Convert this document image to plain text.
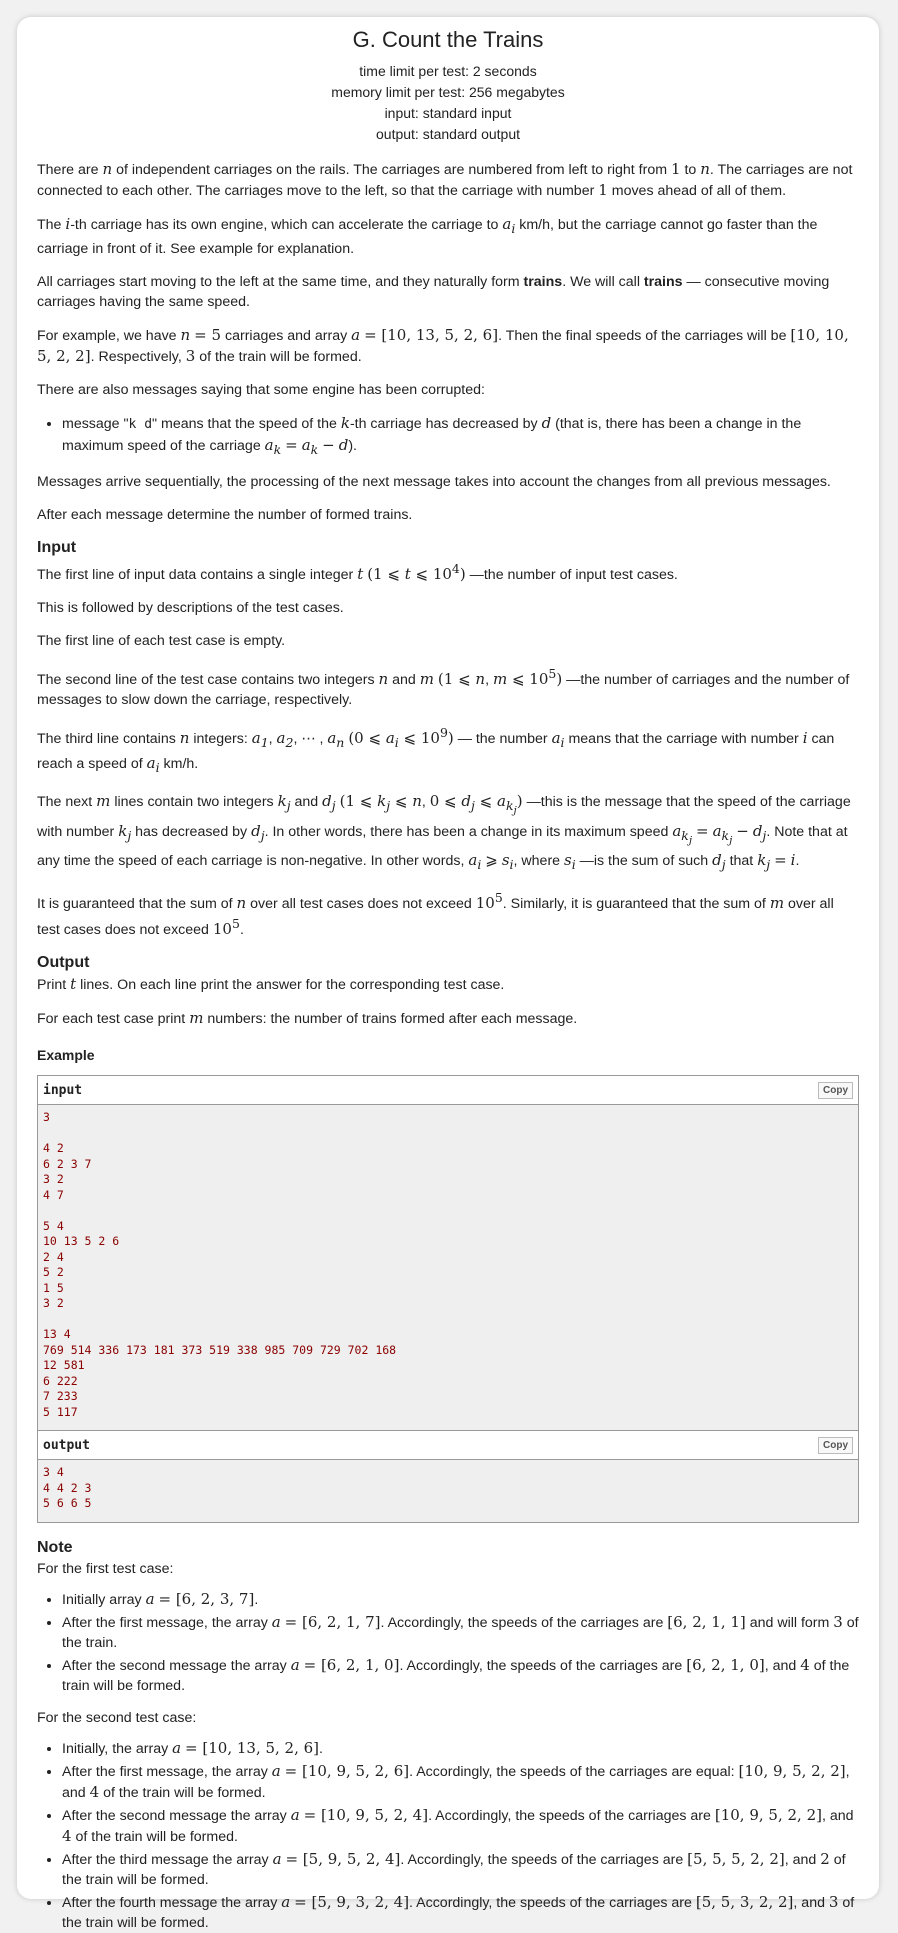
G. Count the Trains
time limit per test: 2 seconds
memory limit per test: 256 megabytes
input: standard input
output: standard output

There are n of independent carriages on the rails. The carriages are numbered from left to right from 1 to n. The carriages are not connected to each other. The carriages move to the left, so that the carriage with number 1 moves ahead of all of them.

The i-th carriage has its own engine, which can accelerate the carriage to $a_i$ km/h, but the carriage cannot go faster than the carriage in front of it. See example for explanation.

All carriages start moving to the left at the same time, and they naturally form trains. We will call trains — consecutive moving carriages having the same speed.

For example, we have n = 5 carriages and array a = [10, 13, 5, 2, 6]. Then the final speeds of the carriages will be [10, 10, 5, 2, 2]. Respectively, 3 of the train will be formed.

There are also messages saying that some engine has been corrupted:

• message "k d" means that the speed of the k-th carriage has decreased by d (that is, there has been a change in the maximum speed of the carriage $a_k = a_k - d$).

Messages arrive sequentially, the processing of the next message takes into account the changes from all previous messages.

After each message determine the number of formed trains.

Input

The first line of input data contains a single integer t (1 ⩽ t ⩽ $10^4$) —the number of input test cases.

This is followed by descriptions of the test cases.

The first line of each test case is empty.

The second line of the test case contains two integers n and m (1 ⩽ n, m ⩽ $10^5$) —the number of carriages and the number of messages to slow down the carriage, respectively.

The third line contains n integers: $a_1$, $a_2$, ⋯ , $a_n$ (0 ⩽ $a_i$ ⩽ $10^9$) — the number $a_i$ means that the carriage with number i can reach a speed of $a_i$ km/h.

The next m lines contain two integers $k_j$ and $d_j$ (1 ⩽ $k_j$ ⩽ n, 0 ⩽ $d_j$ ⩽ $a_{k_j}$) —this is the message that the speed of the carriage with number $k_j$ has decreased by $d_j$. In other words, there has been a change in its maximum speed $a_{k_j} = a_{k_j} - d_j$. Note that at any time the speed of each carriage is non-negative. In other words, $a_i$ ⩾ $s_i$, where $s_i$ —is the sum of such $d_j$ that $k_j = i$.

It is guaranteed that the sum of n over all test cases does not exceed $10^5$. Similarly, it is guaranteed that the sum of m over all test cases does not exceed $10^5$.

Output

Print t lines. On each line print the answer for the corresponding test case.

For each test case print m numbers: the number of trains formed after each message.

Example
input	Copy
3

4 2
6 2 3 7
3 2
4 7

5 4
10 13 5 2 6
2 4
5 2
1 5
3 2

13 4
769 514 336 173 181 373 519 338 985 709 729 702 168
12 581
6 222
7 233
5 117
output	Copy
3 4
4 4 2 3
5 6 6 5
Note

For the first test case:

• Initially array a = [6, 2, 3, 7].
• After the first message, the array a = [6, 2, 1, 7]. Accordingly, the speeds of the carriages are [6, 2, 1, 1] and will form 3 of the train.
• After the second message the array a = [6, 2, 1, 0]. Accordingly, the speeds of the carriages are [6, 2, 1, 0], and 4 of the train will be formed.

For the second test case:

• Initially, the array a = [10, 13, 5, 2, 6].
• After the first message, the array a = [10, 9, 5, 2, 6]. Accordingly, the speeds of the carriages are equal: [10, 9, 5, 2, 2], and 4 of the train will be formed.
• After the second message the array a = [10, 9, 5, 2, 4]. Accordingly, the speeds of the carriages are [10, 9, 5, 2, 2], and 4 of the train will be formed.
• After the third message the array a = [5, 9, 5, 2, 4]. Accordingly, the speeds of the carriages are [5, 5, 5, 2, 2], and 2 of the train will be formed.
• After the fourth message the array a = [5, 9, 3, 2, 4]. Accordingly, the speeds of the carriages are [5, 5, 3, 2, 2], and 3 of the train will be formed.
